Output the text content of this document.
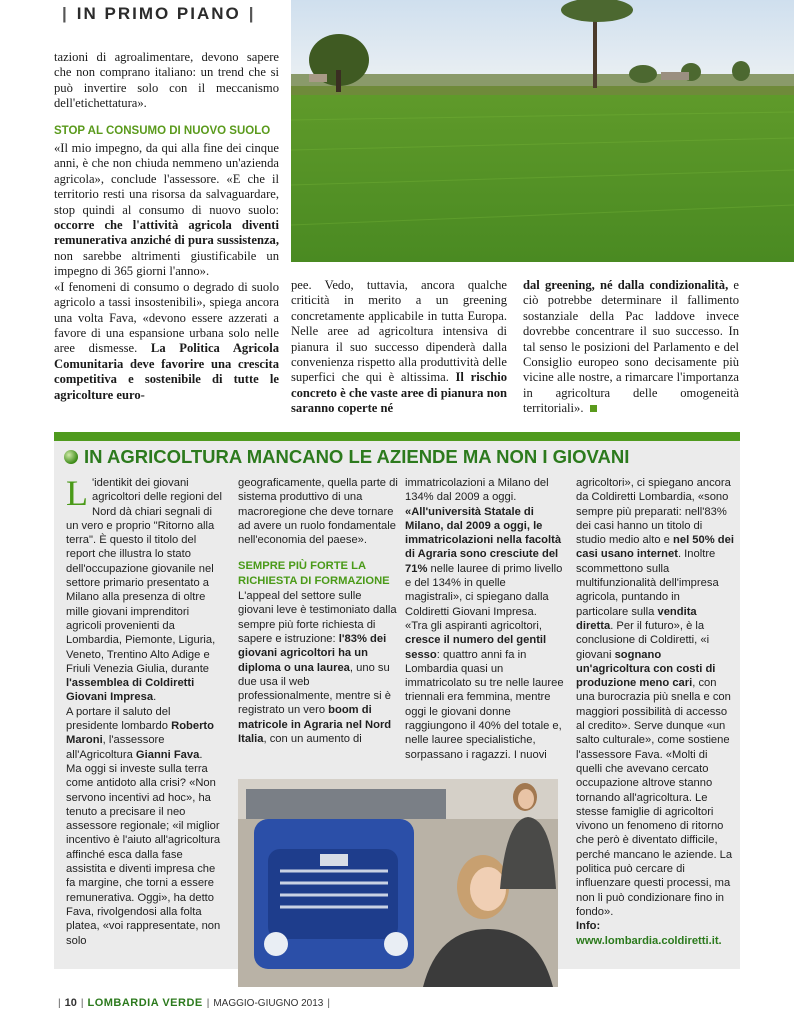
| IN PRIMO PIANO |

tazioni di agroalimentare, devono sapere che non comprano italiano: un trend che si può invertire solo con il meccanismo dell'etichettatura».

STOP AL CONSUMO DI NUOVO SUOLO

«Il mio impegno, da qui alla fine dei cinque anni, è che non chiuda nemmeno un'azienda agricola», conclude l'assessore. «E che il territorio resti una risorsa da salvaguardare, stop quindi al consumo di nuovo suolo: occorre che l'attività agricola diventi remunerativa anziché di pura sussistenza, non sarebbe altrimenti giustificabile un impegno di 365 giorni l'anno».

«I fenomeni di consumo o degrado di suolo agricolo a tassi insostenibili», spiega ancora una volta Fava, «devono essere azzerati a favore di una espansione urbana solo nelle aree dismesse. La Politica Agricola Comunitaria deve favorire una crescita competitiva e sostenibile di tutte le agricolture euro-

pee. Vedo, tuttavia, ancora qualche criticità in merito a un greening concretamente applicabile in tutta Europa. Nelle aree ad agricoltura intensiva di pianura il suo successo dipenderà dalla convenienza rispetto alla produttività delle superfici che qui è altissima. Il rischio concreto è che vaste aree di pianura non saranno coperte né

dal greening, né dalla condizionalità, e ciò potrebbe determinare il fallimento sostanziale della Pac laddove invece dovrebbe concentrare il suo successo. In tal senso le posizioni del Parlamento e del Consiglio europeo sono decisamente più vicine alle nostre, a rimarcare l'importanza in agricoltura delle omogeneità territoriali».

IN AGRICOLTURA MANCANO LE AZIENDE MA NON I GIOVANI

L 'identikit dei giovani agricoltori delle regioni del Nord dà chiari segnali di un vero e proprio "Ritorno alla terra". È questo il titolo del report che illustra lo stato dell'occupazione giovanile nel settore primario presentato a Milano alla presenza di oltre mille giovani imprenditori agricoli provenienti da Lombardia, Piemonte, Liguria, Veneto, Trentino Alto Adige e Friuli Venezia Giulia, durante l'assemblea di Coldiretti Giovani Impresa.

A portare il saluto del presidente lombardo Roberto Maroni, l'assessore all'Agricoltura Gianni Fava.

Ma oggi si investe sulla terra come antidoto alla crisi? «Non servono incentivi ad hoc», ha tenuto a precisare il neo assessore regionale; «il miglior incentivo è l'aiuto all'agricoltura affinché esca dalla fase assistita e diventi impresa che fa margine, che torni a essere remunerativa. Oggi», ha detto Fava, rivolgendosi alla folta platea, «voi rappresentate, non solo

geograficamente, quella parte di sistema produttivo di una macroregione che deve tornare ad avere un ruolo fondamentale nell'economia del paese».

SEMPRE PIÙ FORTE LA RICHIESTA DI FORMAZIONE

L'appeal del settore sulle giovani leve è testimoniato dalla sempre più forte richiesta di sapere e istruzione: l'83% dei giovani agricoltori ha un diploma o una laurea, uno su due usa il web professionalmente, mentre si è registrato un vero boom di matricole in Agraria nel Nord Italia, con un aumento di

immatricolazioni a Milano del 134% dal 2009 a oggi.

«All'università Statale di Milano, dal 2009 a oggi, le immatricolazioni nella facoltà di Agraria sono cresciute del 71% nelle lauree di primo livello e del 134% in quelle magistrali», ci spiegano dalla Coldiretti Giovani Impresa.

«Tra gli aspiranti agricoltori, cresce il numero del gentil sesso: quattro anni fa in Lombardia quasi un immatricolato su tre nelle lauree triennali era femmina, mentre oggi le giovani donne raggiungono il 40% del totale e, nelle lauree specialistiche, sorpassano i ragazzi. I nuovi

agricoltori», ci spiegano ancora da Coldiretti Lombardia, «sono sempre più preparati: nell'83% dei casi hanno un titolo di studio medio alto e nel 50% dei casi usano internet. Inoltre scommettono sulla multifunzionalità dell'impresa agricola, puntando in particolare sulla vendita diretta. Per il futuro», è la conclusione di Coldiretti, «i giovani sognano un'agricoltura con costi di produzione meno cari, con una burocrazia più snella e con maggiori possibilità di accesso al credito». Serve dunque «un salto culturale», come sostiene l'assessore Fava. «Molti di quelli che avevano cercato occupazione altrove stanno tornando all'agricoltura. Le stesse famiglie di agricoltori vivono un fenomeno di ritorno che però è diventato difficile, perché mancano le aziende. La politica può cercare di influenzare questi processi, ma non li può condizionare fino in fondo».

Info:

www.lombardia.coldiretti.it.

| 10 | LOMBARDIA VERDE | MAGGIO-GIUGNO 2013 |
